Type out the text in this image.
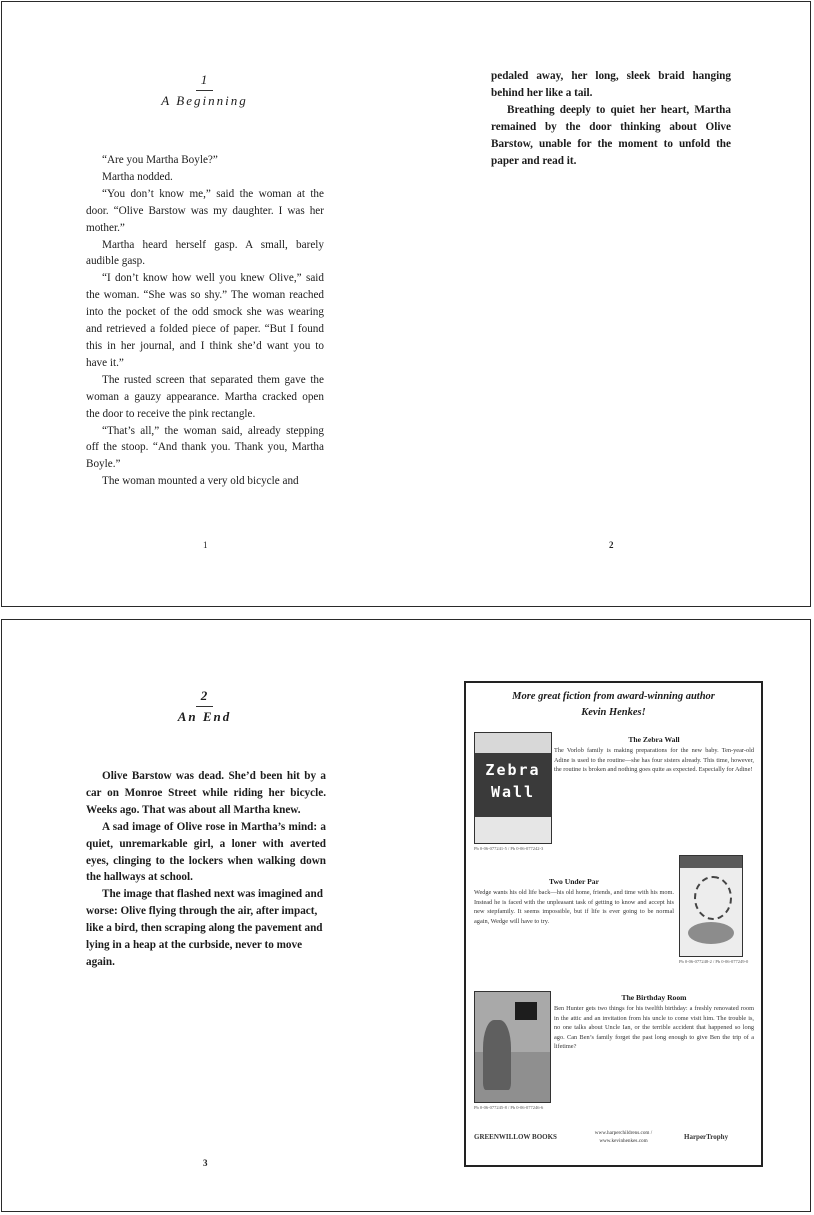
1
A Beginning

“Are you Martha Boyle?”

Martha nodded.

“You don’t know me,” said the woman at the door. “Olive Barstow was my daughter. I was her mother.”

Martha heard herself gasp. A small, barely audible gasp.

“I don’t know how well you knew Olive,” said the woman. “She was so shy.” The woman reached into the pocket of the odd smock she was wearing and retrieved a folded piece of paper. “But I found this in her journal, and I think she’d want you to have it.”

The rusted screen that separated them gave the woman a gauzy appearance. Martha cracked open the door to receive the pink rectangle.

“That’s all,” the woman said, already stepping off the stoop. “And thank you. Thank you, Martha Boyle.”

The woman mounted a very old bicycle and

1

pedaled away, her long, sleek braid hanging behind her like a tail.

Breathing deeply to quiet her heart, Martha remained by the door thinking about Olive Barstow, unable for the moment to unfold the paper and read it.

2
2
An End

Olive Barstow was dead. She’d been hit by a car on Monroe Street while riding her bicycle. Weeks ago. That was about all Martha knew.

A sad image of Olive rose in Martha’s mind: a quiet, unremarkable girl, a loner with averted eyes, clinging to the lockers when walking down the hallways at school.

The image that flashed next was imagined and worse: Olive flying through the air, after impact, like a bird, then scraping along the pavement and lying in a heap at the curbside, never to move again.

3
More great fiction from award-winning author
Kevin Henkes!
Zebra Wall
Pb 0-06-077241-5 / Pb 0-06-077242-3
The Zebra Wall
The Vorlob family is making preparations for the new baby. Ten-year-old Adine is used to the routine—she has four sisters already. This time, however, the routine is broken and nothing goes quite as expected. Especially for Adine!
Two Under Par
Wedge wants his old life back—his old home, friends, and time with his mom. Instead he is faced with the unpleasant task of getting to know and accept his new stepfamily. It seems impossible, but if life is ever going to be normal again, Wedge will have to try.
Pb 0-06-077248-2 / Pb 0-06-077249-0
Pb 0-06-077245-8 / Pb 0-06-077246-6
The Birthday Room
Ben Hunter gets two things for his twelfth birthday: a freshly renovated room in the attic and an invitation from his uncle to come visit him. The trouble is, no one talks about Uncle Ian, or the terrible accident that happened so long ago. Can Ben’s family forget the past long enough to give Ben the trip of a lifetime?
GREENWILLOW BOOKS	www.harperchildrens.com / www.kevinhenkes.com	HarperTrophy
